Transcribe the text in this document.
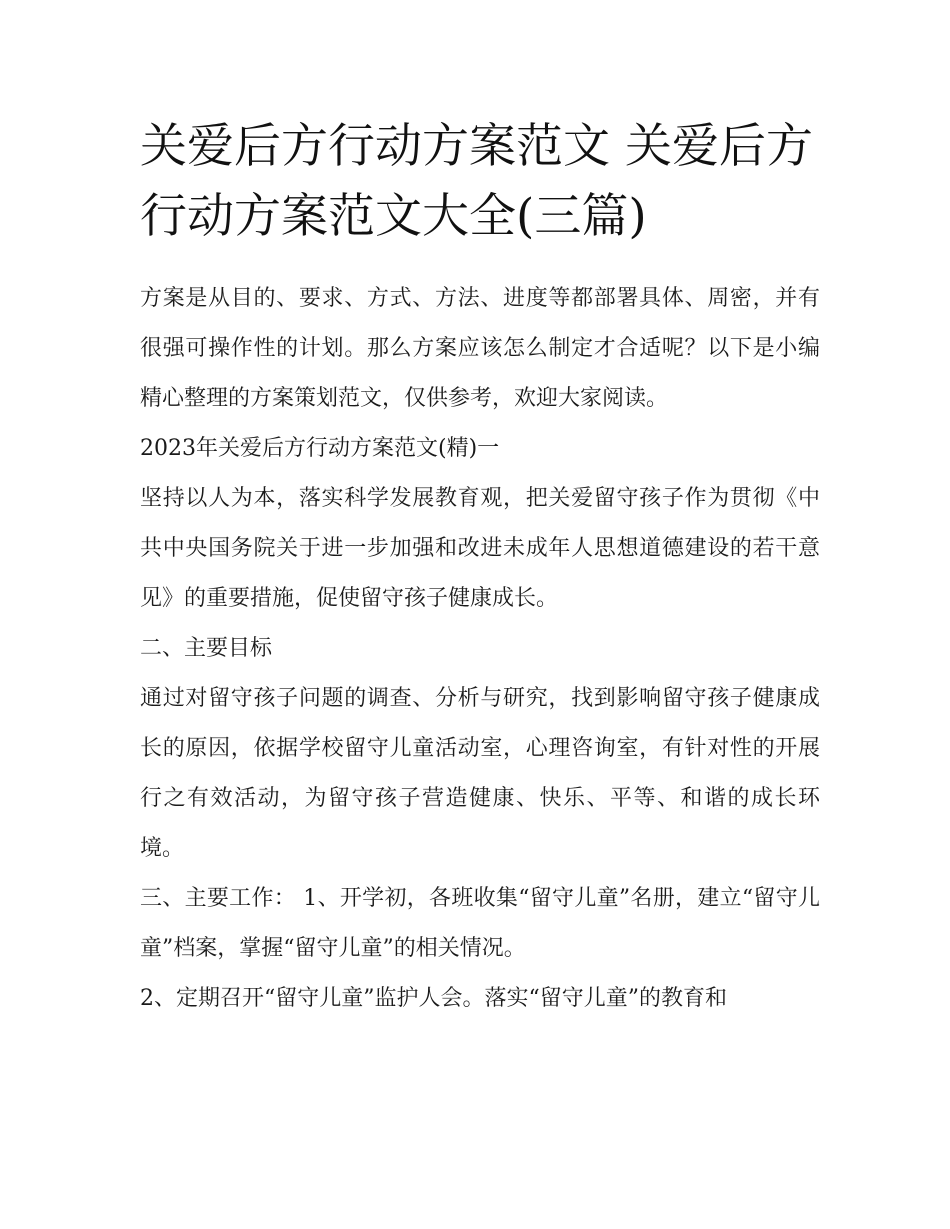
关爱后方行动方案范文 关爱后方行动方案范文大全(三篇)

方案是从目的、要求、方式、方法、进度等都部署具体、周密，并有很强可操作性的计划。那么方案应该怎么制定才合适呢？以下是小编精心整理的方案策划范文，仅供参考，欢迎大家阅读。

2023年关爱后方行动方案范文(精)一

坚持以人为本，落实科学发展教育观，把关爱留守孩子作为贯彻《中共中央国务院关于进一步加强和改进未成年人思想道德建设的若干意见》的重要措施，促使留守孩子健康成长。

二、主要目标

通过对留守孩子问题的调查、分析与研究，找到影响留守孩子健康成长的原因，依据学校留守儿童活动室，心理咨询室，有针对性的开展行之有效活动，为留守孩子营造健康、快乐、平等、和谐的成长环境。

三、主要工作： 1、开学初，各班收集“留守儿童”名册，建立“留守儿童”档案，掌握“留守儿童”的相关情况。

2、定期召开“留守儿童”监护人会。落实“留守儿童”的教育和
